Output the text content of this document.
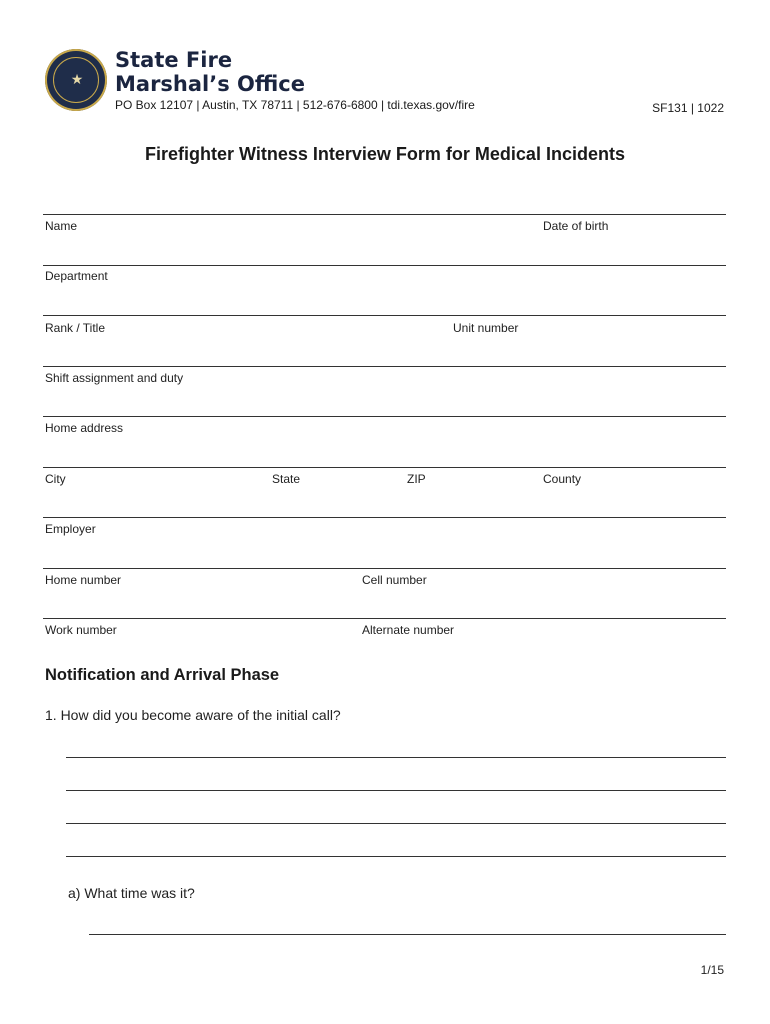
★
State Fire
Marshal’s Office
PO Box 12107 | Austin, TX 78711 | 512-676-6800 | tdi.texas.gov/fire	SF131 | 1022
Firefighter Witness Interview Form for Medical Incidents
Name	Date of birth
Department
Rank / Title	Unit number
Shift assignment and duty
Home address
City	State	ZIP	County
Employer
Home number	Cell number
Work number	Alternate number
Notification and Arrival Phase
1. How did you become aware of the initial call?
a) What time was it?
1/15
